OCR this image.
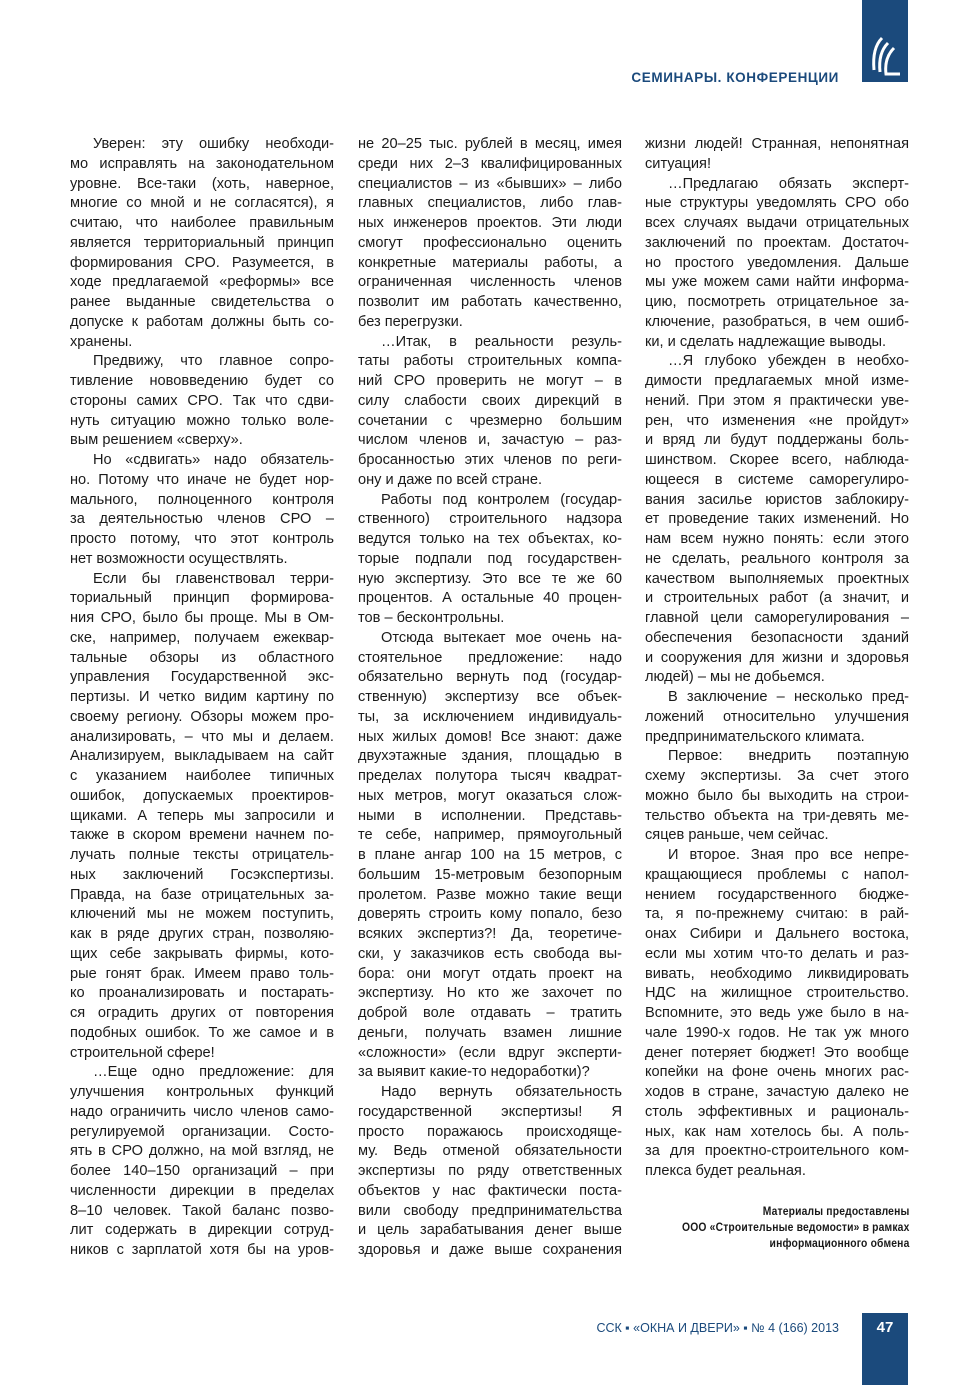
СЕМИНАРЫ. КОНФЕРЕНЦИИ
Уверен: эту ошибку необходи-
мо исправлять на законодательном
уровне. Все-таки (хоть, наверное,
многие со мной и не согласятся), я
считаю, что наиболее правильным
является территориальный принцип
формирования СРО. Разумеется, в
ходе предлагаемой «реформы» все
ранее выданные свидетельства о
допуске к работам должны быть со-
хранены.
Предвижу, что главное сопро-
тивление нововведению будет со
стороны самих СРО. Так что сдви-
нуть ситуацию можно только воле-
вым решением «сверху».
Но «сдвигать» надо обязатель-
но. Потому что иначе не будет нор-
мального, полноценного контроля
за деятельностью членов СРО –
просто потому, что этот контроль
нет возможности осуществлять.
Если бы главенствовал терри-
ториальный принцип формирова-
ния СРО, было бы проще. Мы в Ом-
ске, например, получаем ежеквар-
тальные обзоры из областного
управления Государственной экс-
пертизы. И четко видим картину по
своему региону. Обзоры можем про-
анализировать, – что мы и делаем.
Анализируем, выкладываем на сайт
с указанием наиболее типичных
ошибок, допускаемых проектиров-
щиками. А теперь мы запросили и
также в скором времени начнем по-
лучать полные тексты отрицатель-
ных заключений Госэкспертизы.
Правда, на базе отрицательных за-
ключений мы не можем поступить,
как в ряде других стран, позволяю-
щих себе закрывать фирмы, кото-
рые гонят брак. Имеем право толь-
ко проанализировать и постарать-
ся оградить других от повторения
подобных ошибок. То же самое и в
строительной сфере!
…Еще одно предложение: для
улучшения контрольных функций
надо ограничить число членов само-
регулируемой организации. Состо-
ять в СРО должно, на мой взгляд, не
более 140–150 организаций – при
численности дирекции в пределах
8–10 человек. Такой баланс позво-
лит содержать в дирекции сотруд-
ников с зарплатой хотя бы на уров-
не 20–25 тыс. рублей в месяц, имея
среди них 2–3 квалифицированных
специалистов – из «бывших» – либо
главных специалистов, либо глав-
ных инженеров проектов. Эти люди
смогут профессионально оценить
конкретные материалы работы, а
ограниченная численность членов
позволит им работать качественно,
без перегрузки.
…Итак, в реальности резуль-
таты работы строительных компа-
ний СРО проверить не могут – в
силу слабости своих дирекций в
сочетании с чрезмерно большим
числом членов и, зачастую – раз-
бросанностью этих членов по реги-
ону и даже по всей стране.
Работы под контролем (государ-
ственного) строительного надзора
ведутся только на тех объектах, ко-
торые подпали под государствен-
ную экспертизу. Это все те же 60
процентов. А остальные 40 процен-
тов – бесконтрольны.
Отсюда вытекает мое очень на-
стоятельное предложение: надо
обязательно вернуть под (государ-
ственную) экспертизу все объек-
ты, за исключением индивидуаль-
ных жилых домов! Все знают: даже
двухэтажные здания, площадью в
пределах полутора тысяч квадрат-
ных метров, могут оказаться слож-
ными в исполнении. Представь-
те себе, например, прямоугольный
в плане ангар 100 на 15 метров, с
большим 15-метровым безопорным
пролетом. Разве можно такие вещи
доверять строить кому попало, безо
всяких экспертиз?! Да, теоретиче-
ски, у заказчиков есть свобода вы-
бора: они могут отдать проект на
экспертизу. Но кто же захочет по
доброй воле отдавать – тратить
деньги, получать взамен лишние
«сложности» (если вдруг эксперти-
за выявит какие-то недоработки)?
Надо вернуть обязательность
государственной экспертизы! Я
просто поражаюсь происходяще-
му. Ведь отменой обязательности
экспертизы по ряду ответственных
объектов у нас фактически поста-
вили свободу предпринимательства
и цель зарабатывания денег выше
здоровья и даже выше сохранения
жизни людей! Странная, непонятная
ситуация!
…Предлагаю обязать эксперт-
ные структуры уведомлять СРО обо
всех случаях выдачи отрицательных
заключений по проектам. Достаточ-
но простого уведомления. Дальше
мы уже можем сами найти информа-
цию, посмотреть отрицательное за-
ключение, разобраться, в чем ошиб-
ки, и сделать надлежащие выводы.
…Я глубоко убежден в необхо-
димости предлагаемых мной изме-
нений. При этом я практически уве-
рен, что изменения «не пройдут»
и вряд ли будут поддержаны боль-
шинством. Скорее всего, наблюда-
ющееся в системе саморегулиро-
вания засилье юристов заблокиру-
ет проведение таких изменений. Но
нам всем нужно понять: если этого
не сделать, реального контроля за
качеством выполняемых проектных
и строительных работ (а значит, и
главной цели саморегулирования –
обеспечения безопасности зданий
и сооружения для жизни и здоровья
людей) – мы не добьемся.
В заключение – несколько пред-
ложений относительно улучшения
предпринимательского климата.
Первое: внедрить поэтапную
схему экспертизы. За счет этого
можно было бы выходить на строи-
тельство объекта на три-девять ме-
сяцев раньше, чем сейчас.
И второе. Зная про все непре-
кращающиеся проблемы с напол-
нением государственного бюдже-
та, я по-прежнему считаю: в рай-
онах Сибири и Дальнего востока,
если мы хотим что-то делать и раз-
вивать, необходимо ликвидировать
НДС на жилищное строительство.
Вспомните, это ведь уже было в на-
чале 1990-х годов. Не так уж много
денег потеряет бюджет! Это вообще
копейки на фоне очень многих рас-
ходов в стране, зачастую далеко не
столь эффективных и рациональ-
ных, как нам хотелось бы. А поль-
за для проектно-строительного ком-
плекса будет реальная.
Материалы предоставлены
ООО «Строительные ведомости» в рамках
информационного обмена
ССК ▪ «ОКНА И ДВЕРИ» ▪ № 4 (166) 2013	47
